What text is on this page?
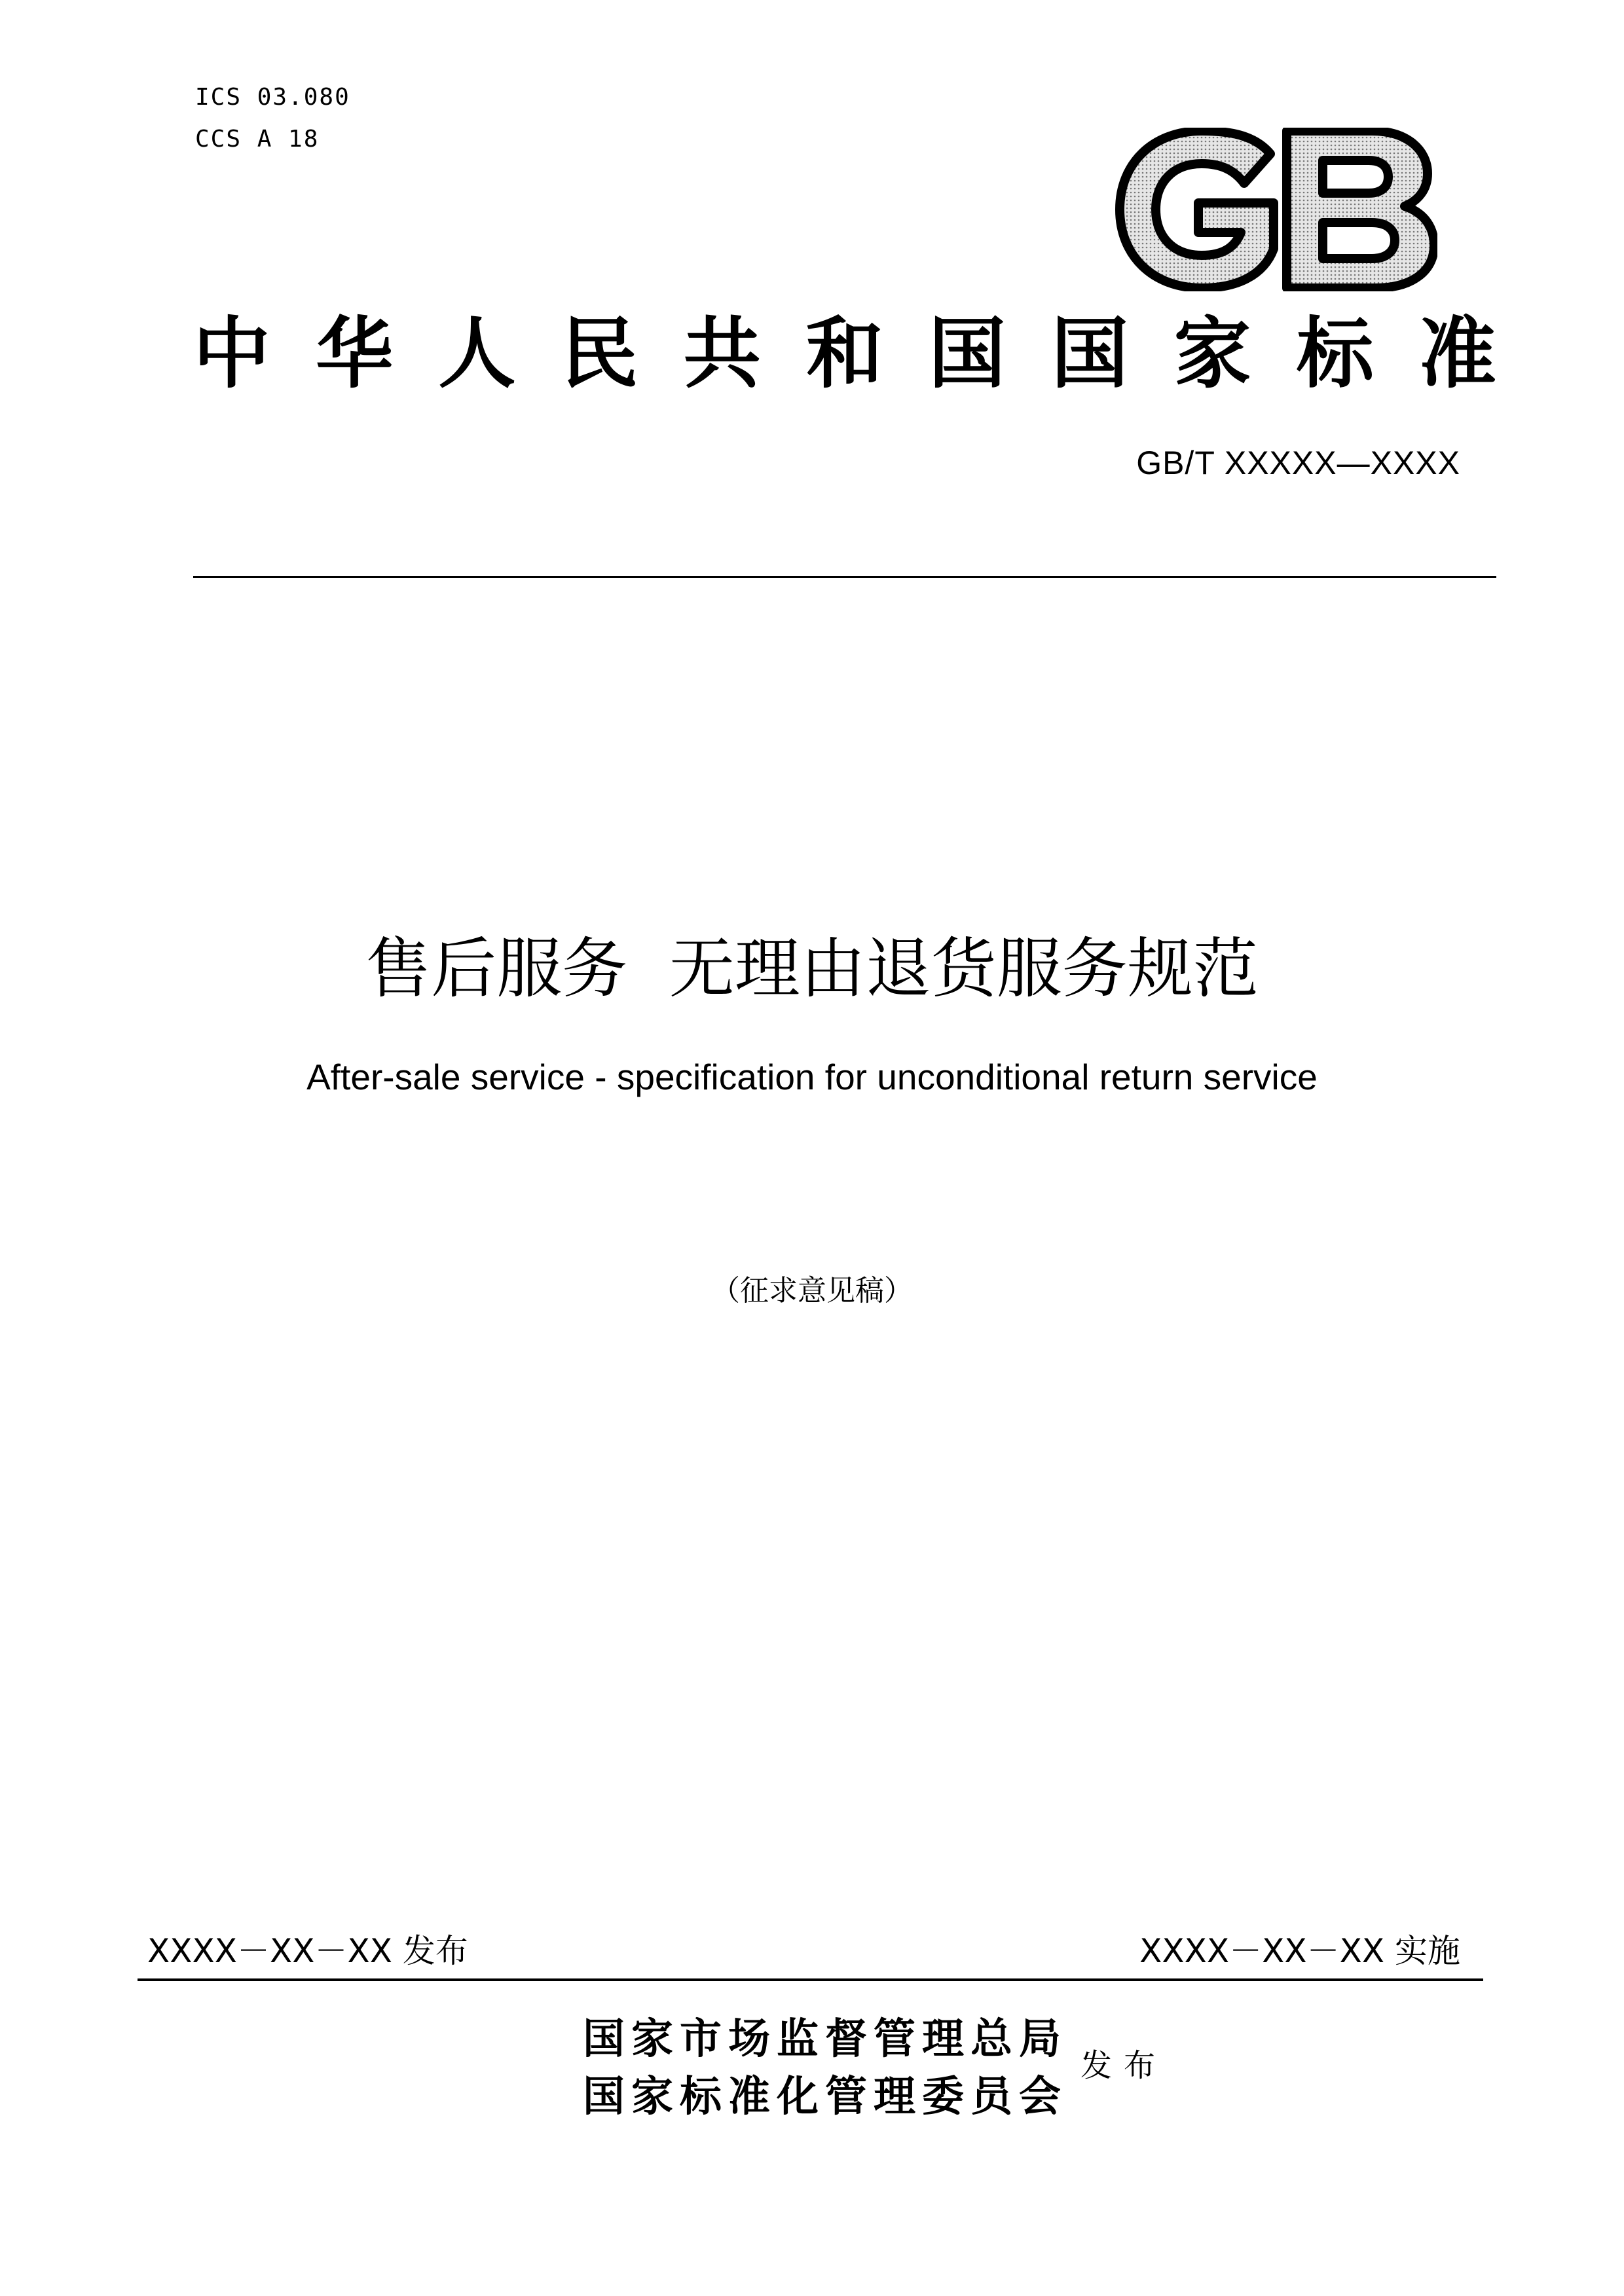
ICS 03.080
CCS A 18
GB
中 华 人 民 共 和 国 国 家 标 准
GB/T XXXXX—XXXX
售后服务  无理由退货服务规范
After-sale service - specification for unconditional return service
（征求意见稿）
XXXX－XX－XX 发布	XXXX－XX－XX 实施
国家市场监督管理总局
国家标准化管理委员会
发布
